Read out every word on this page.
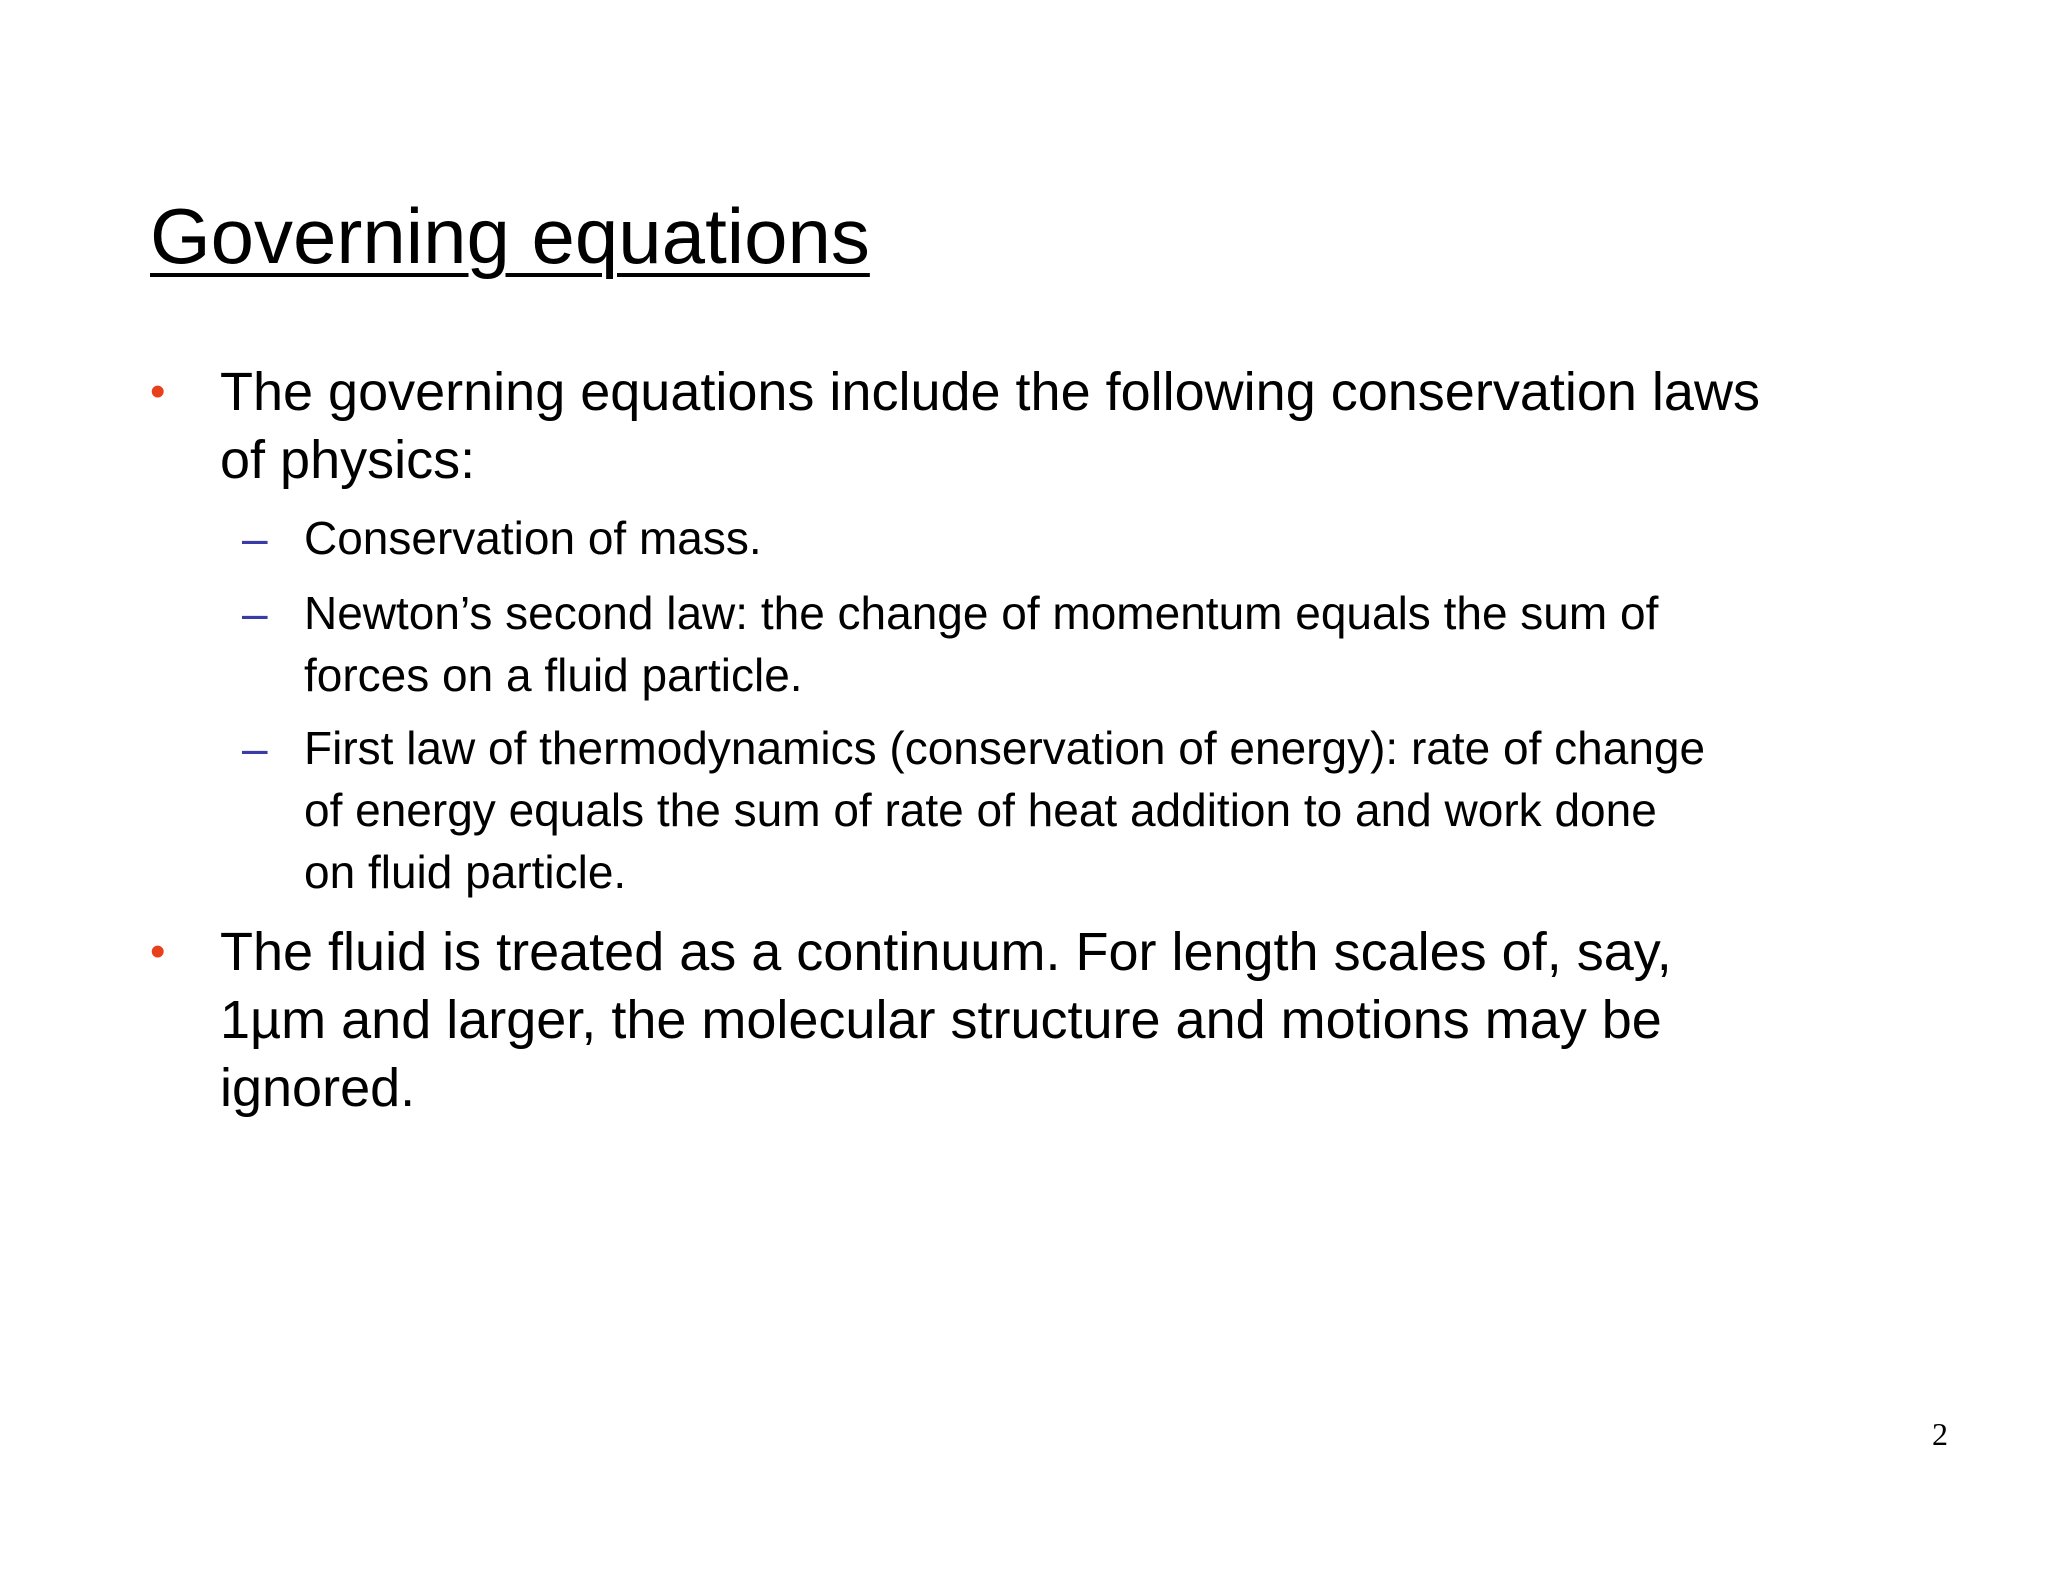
Governing equations
• The governing equations include the following conservation laws
of physics:
– Conservation of mass.
– Newton’s second law: the change of momentum equals the sum of
forces on a fluid particle.
– First law of thermodynamics (conservation of energy): rate of change
of energy equals the sum of rate of heat addition to and work done
on fluid particle.
• The fluid is treated as a continuum. For length scales of, say,
1µm and larger, the molecular structure and motions may be
ignored.
2
